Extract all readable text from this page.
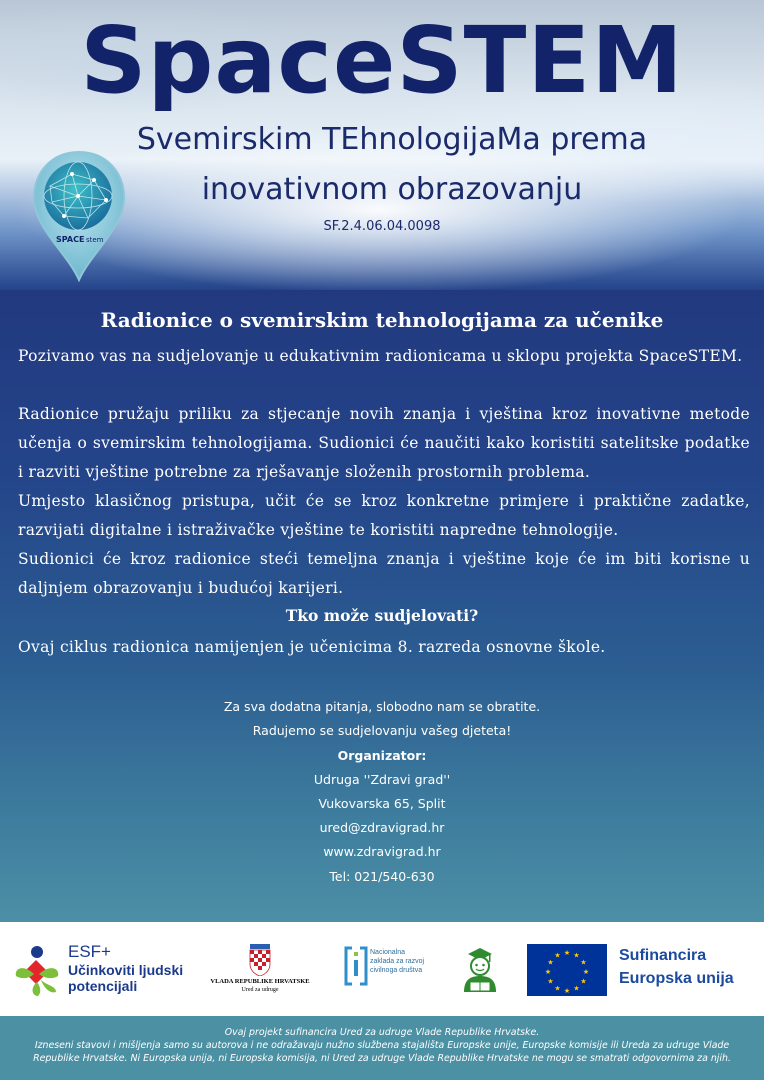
SpaceSTEM
Svemirskim TEhnologijaMa prema
inovativnom obrazovanju
SF.2.4.06.04.0098
SPACE stem
Radionice o svemirskim tehnologijama za učenike
Pozivamo vas na sudjelovanje u edukativnim radionicama u sklopu projekta SpaceSTEM.
Radionice pružaju priliku za stjecanje novih znanja i vještina kroz inovativne metode učenja o svemirskim tehnologijama. Sudionici će naučiti kako koristiti satelitske podatke i razviti vještine potrebne za rješavanje složenih prostornih problema.
Umjesto klasičnog pristupa, učit će se kroz konkretne primjere i praktične zadatke, razvijati digitalne i istraživačke vještine te koristiti napredne tehnologije.
Sudionici će kroz radionice steći temeljna znanja i vještine koje će im biti korisne u daljnjem obrazovanju i budućoj karijeri.
Tko može sudjelovati?
Ovaj ciklus radionica namijenjen je učenicima 8. razreda osnovne škole.
Za sva dodatna pitanja, slobodno nam se obratite.
Radujemo se sudjelovanju vašeg djeteta!
Organizator:
Udruga ''Zdravi grad''
Vukovarska 65, Split
ured@zdravigrad.hr
www.zdravigrad.hr
Tel: 021/540-630
ESF+
Učinkoviti ljudski potencijali	VLADA REPUBLIKE HRVATSKE
Ured za udruge
Nacionalna zaklada za razvoj civilnoga društva
★ ★
★
★
★
★
★
★
★
★
★
★	Sufinancira
Europska unija
Ovaj projekt sufinancira Ured za udruge Vlade Republike Hrvatske.
Izneseni stavovi i mišljenja samo su autorova i ne odražavaju nužno službena stajališta Europske unije, Europske komisije ili Ureda za udruge Vlade
Republike Hrvatske. Ni Europska unija, ni Europska komisija, ni Ured za udruge Vlade Republike Hrvatske ne mogu se smatrati odgovornima za njih.
